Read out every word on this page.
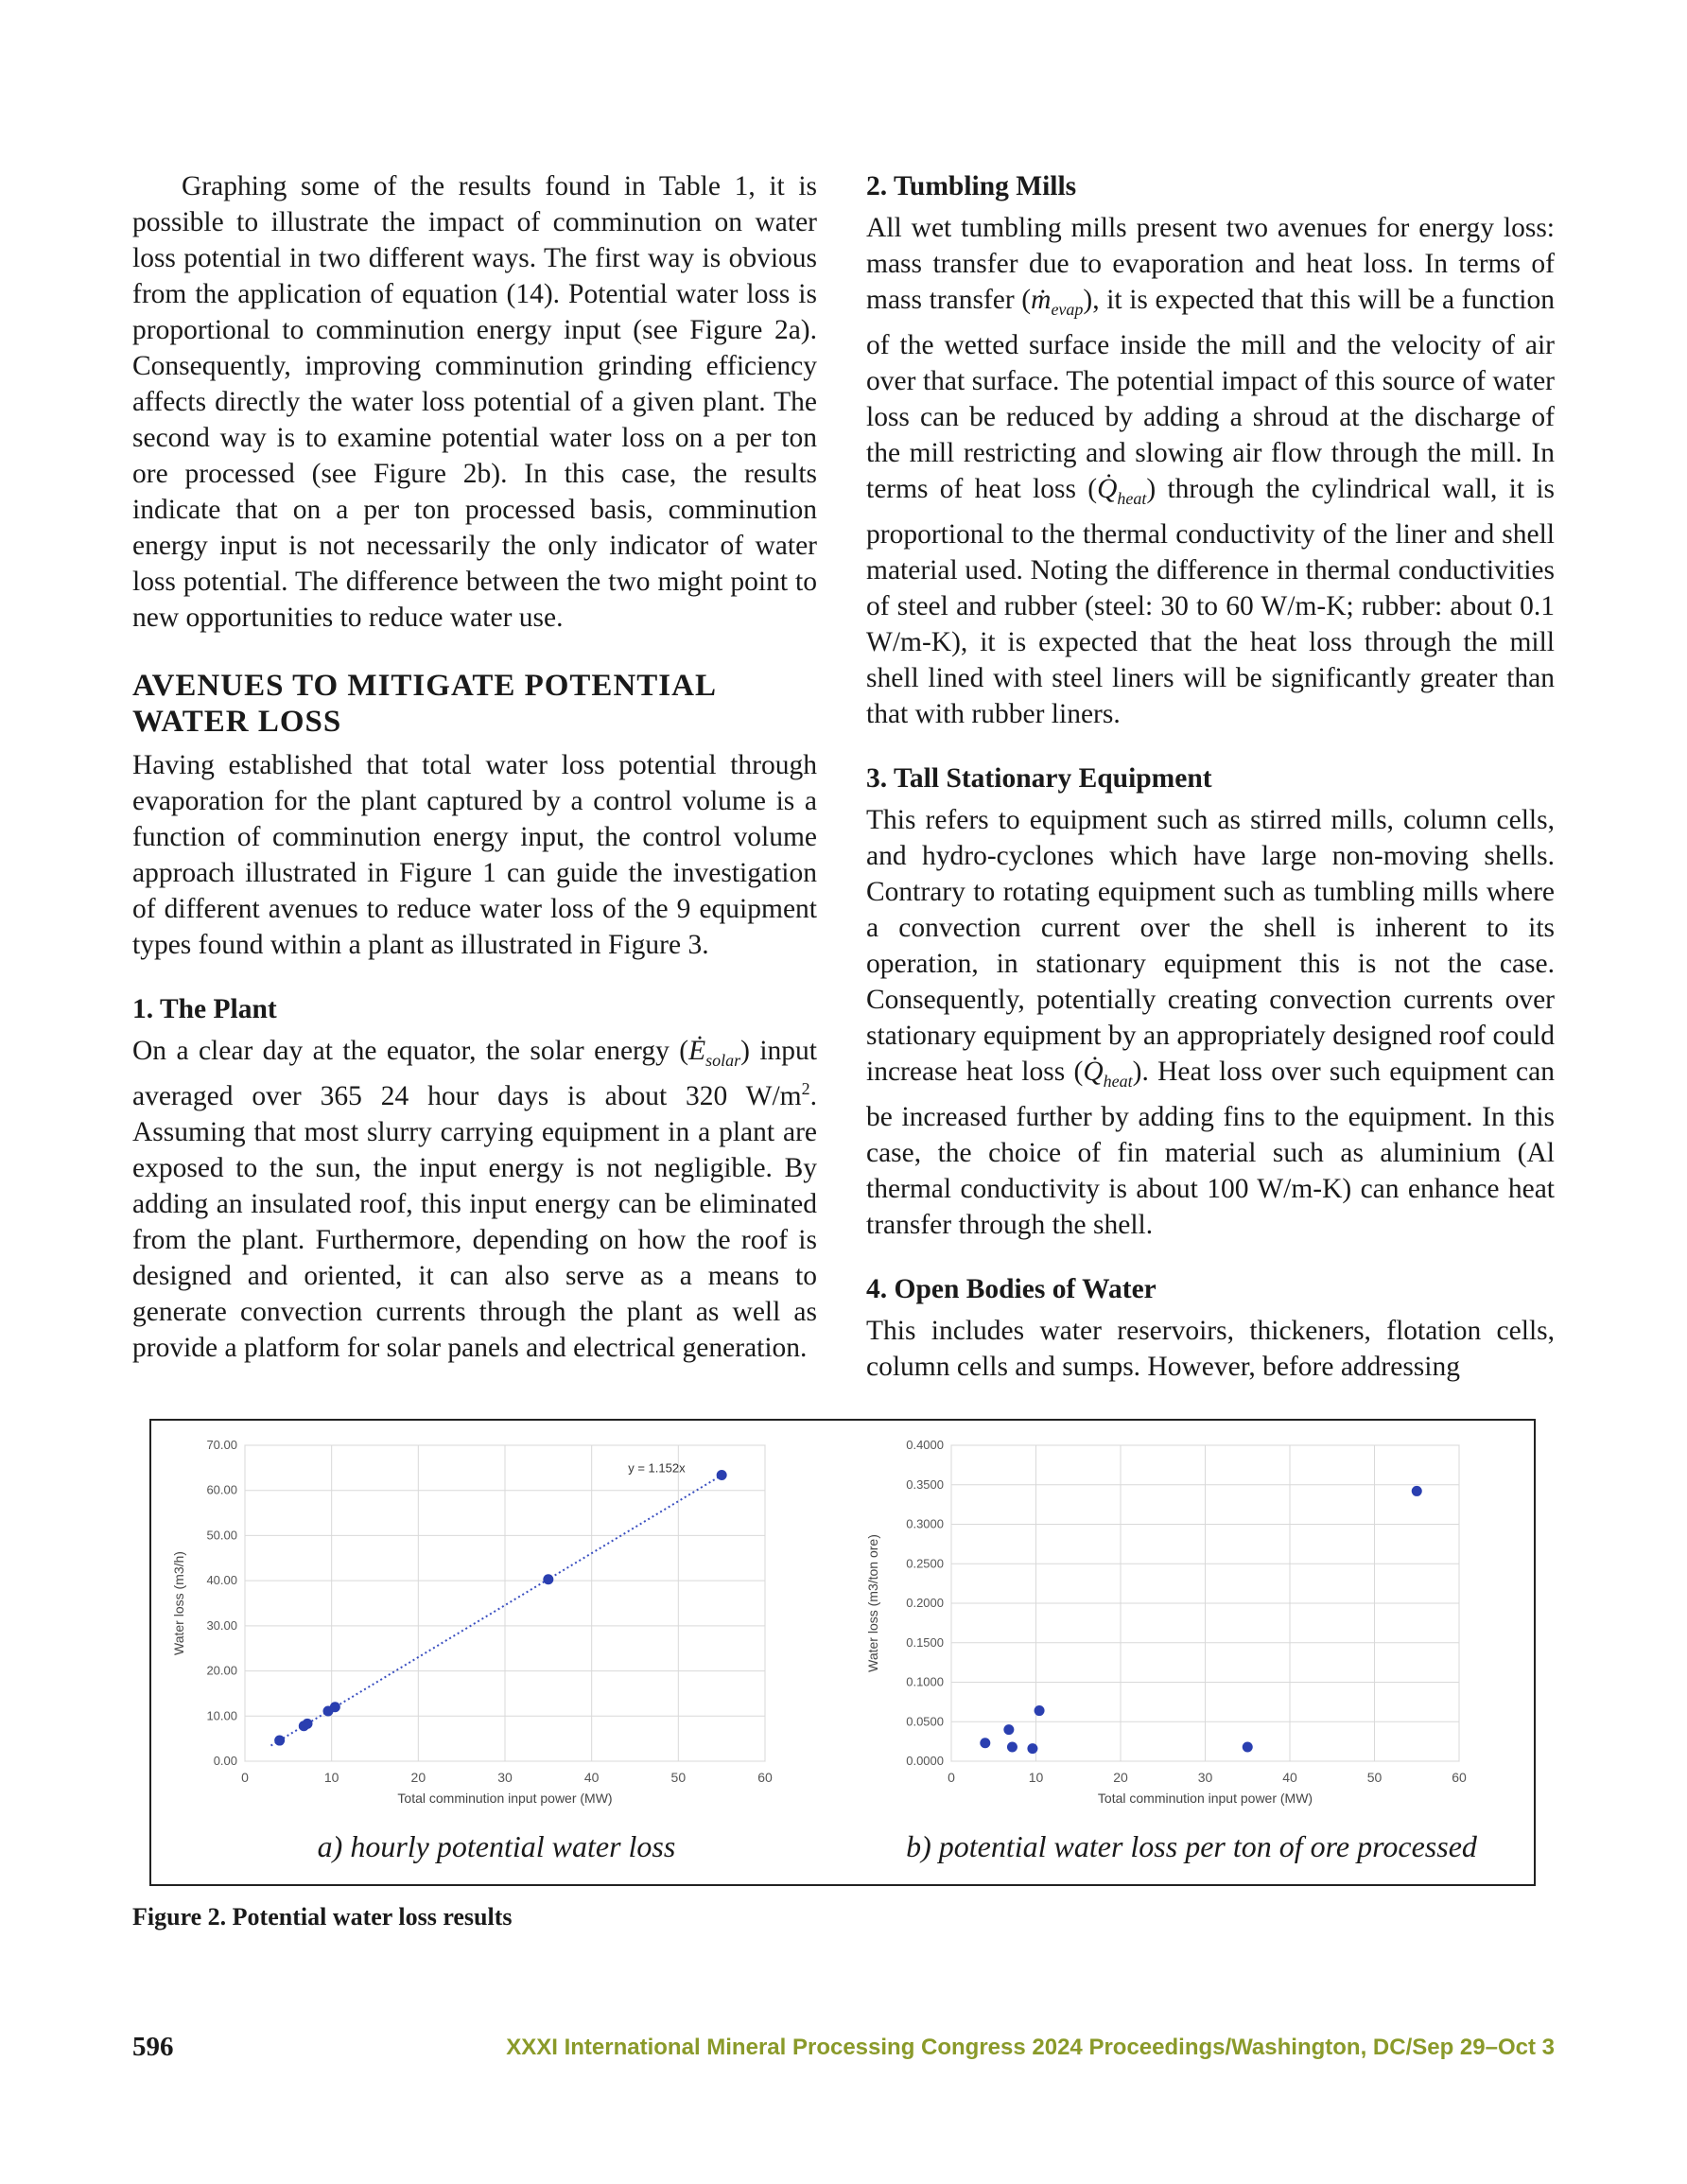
Graphing some of the results found in Table 1, it is possible to illustrate the impact of comminution on water loss potential in two different ways. The first way is obvious from the application of equation (14). Potential water loss is proportional to comminution energy input (see Figure 2a). Consequently, improving comminution grinding efficiency affects directly the water loss potential of a given plant. The second way is to examine potential water loss on a per ton ore processed (see Figure 2b). In this case, the results indicate that on a per ton processed basis, comminution energy input is not necessarily the only indicator of water loss potential. The difference between the two might point to new opportunities to reduce water use.

AVENUES TO MITIGATE POTENTIAL WATER LOSS

Having established that total water loss potential through evaporation for the plant captured by a control volume is a function of comminution energy input, the control volume approach illustrated in Figure 1 can guide the investigation of different avenues to reduce water loss of the 9 equipment types found within a plant as illustrated in Figure 3.

1. The Plant

On a clear day at the equator, the solar energy $(Ė_{solar})$ input averaged over 365 24 hour days is about 320 $W/m^2$. Assuming that most slurry carrying equipment in a plant are exposed to the sun, the input energy is not negligible. By adding an insulated roof, this input energy can be eliminated from the plant. Furthermore, depending on how the roof is designed and oriented, it can also serve as a means to generate convection currents through the plant as well as provide a platform for solar panels and electrical generation.

2. Tumbling Mills

All wet tumbling mills present two avenues for energy loss: mass transfer due to evaporation and heat loss. In terms of mass transfer (ṁ$_{evap}$), it is expected that this will be a function of the wetted surface inside the mill and the velocity of air over that surface. The potential impact of this source of water loss can be reduced by adding a shroud at the discharge of the mill restricting and slowing air flow through the mill. In terms of heat loss $(Q̇_{heat})$ through the cylindrical wall, it is proportional to the thermal conductivity of the liner and shell material used. Noting the difference in thermal conductivities of steel and rubber (steel: 30 to 60 W/m-K; rubber: about 0.1 W/m-K), it is expected that the heat loss through the mill shell lined with steel liners will be significantly greater than that with rubber liners.

3. Tall Stationary Equipment

This refers to equipment such as stirred mills, column cells, and hydro-cyclones which have large non-moving shells. Contrary to rotating equipment such as tumbling mills where a convection current over the shell is inherent to its operation, in stationary equipment this is not the case. Consequently, potentially creating convection currents over stationary equipment by an appropriately designed roof could increase heat loss $(Q̇_{heat})$. Heat loss over such equipment can be increased further by adding fins to the equipment. In this case, the choice of fin material such as aluminium (Al thermal conductivity is about 100 W/m-K) can enhance heat transfer through the shell.

4. Open Bodies of Water

This includes water reservoirs, thickeners, flotation cells, column cells and sumps. However, before addressing

0.00
10.00
20.00
30.00
40.00
50.00
60.00
70.00
0	10	20	30	40	50	60
Total comminution input power (MW)
Water loss (m3/h)
y = 1.152x
0.0000
0.0500
0.1000
0.1500
0.2000
0.2500
0.3000
0.3500
0.4000
0	10	20	30	40	50	60
Total comminution input power (MW)
Water loss (m3/ton ore)
a) hourly potential water loss	b) potential water loss per ton of ore processed
Figure 2. Potential water loss results
596	XXXI International Mineral Processing Congress 2024 Proceedings/Washington, DC/Sep 29–Oct 3
